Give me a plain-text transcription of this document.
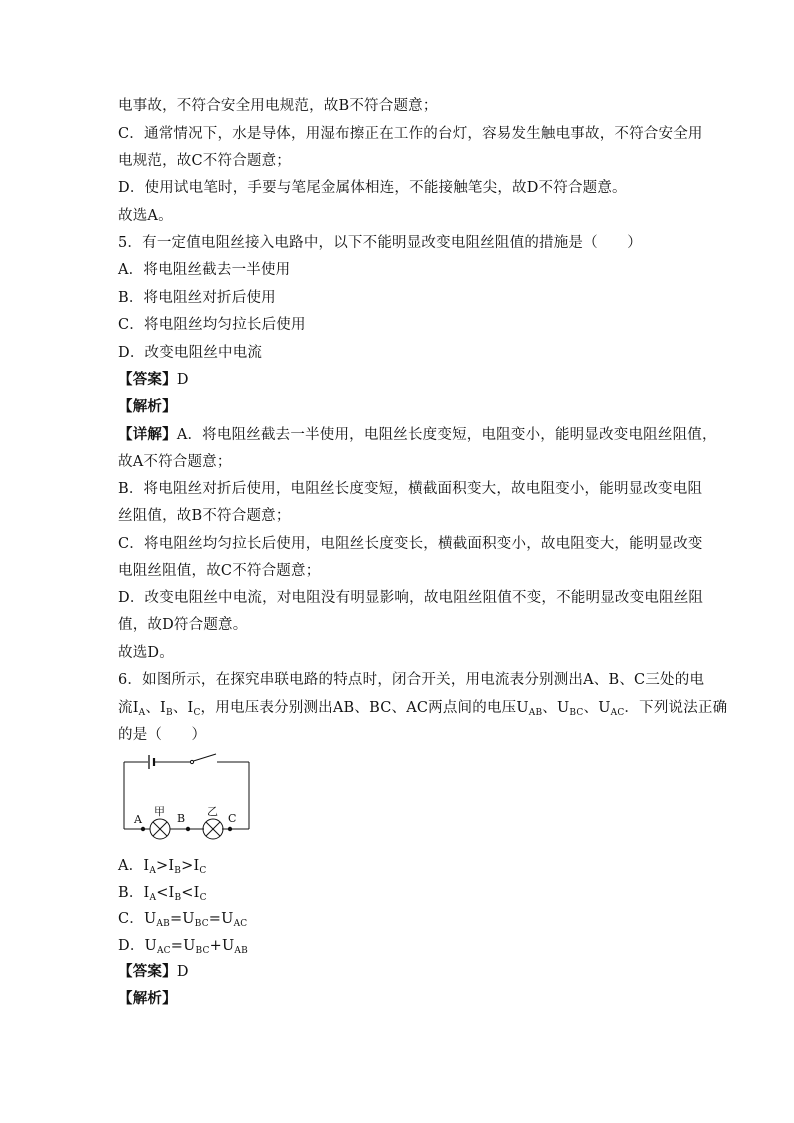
电事故，不符合安全用电规范，故B不符合题意；
C．通常情况下，水是导体，用湿布擦正在工作的台灯，容易发生触电事故，不符合安全用
电规范，故C不符合题意；
D．使用试电笔时，手要与笔尾金属体相连，不能接触笔尖，故D不符合题意。
故选A。
5．有一定值电阻丝接入电路中，以下不能明显改变电阻丝阻值的措施是（　　）
A．将电阻丝截去一半使用
B．将电阻丝对折后使用
C．将电阻丝均匀拉长后使用
D．改变电阻丝中电流
【答案】D
【解析】
【详解】A．将电阻丝截去一半使用，电阻丝长度变短，电阻变小，能明显改变电阻丝阻值，
故A不符合题意；
B．将电阻丝对折后使用，电阻丝长度变短，横截面积变大，故电阻变小，能明显改变电阻
丝阻值，故B不符合题意；
C．将电阻丝均匀拉长后使用，电阻丝长度变长，横截面积变小，故电阻变大，能明显改变
电阻丝阻值，故C不符合题意；
D．改变电阻丝中电流，对电阻没有明显影响，故电阻丝阻值不变，不能明显改变电阻丝阻
值，故D符合题意。
故选D。
6．如图所示，在探究串联电路的特点时，闭合开关，用电流表分别测出A、B、C三处的电
流$I_A$、$I_B$、$I_C$，用电压表分别测出AB、BC、AC两点间的电压$U_{AB}$、$U_{BC}$、$U_{AC}$．下列说法正确
的是（　　）
A	B	C
甲	乙
A．$I_A>I_B>I_C$
B．$I_A<I_B<I_C$
C．$U_{AB}=U_{BC}=U_{AC}$
D．$U_{AC}=U_{BC}+U_{AB}$
【答案】D
【解析】
